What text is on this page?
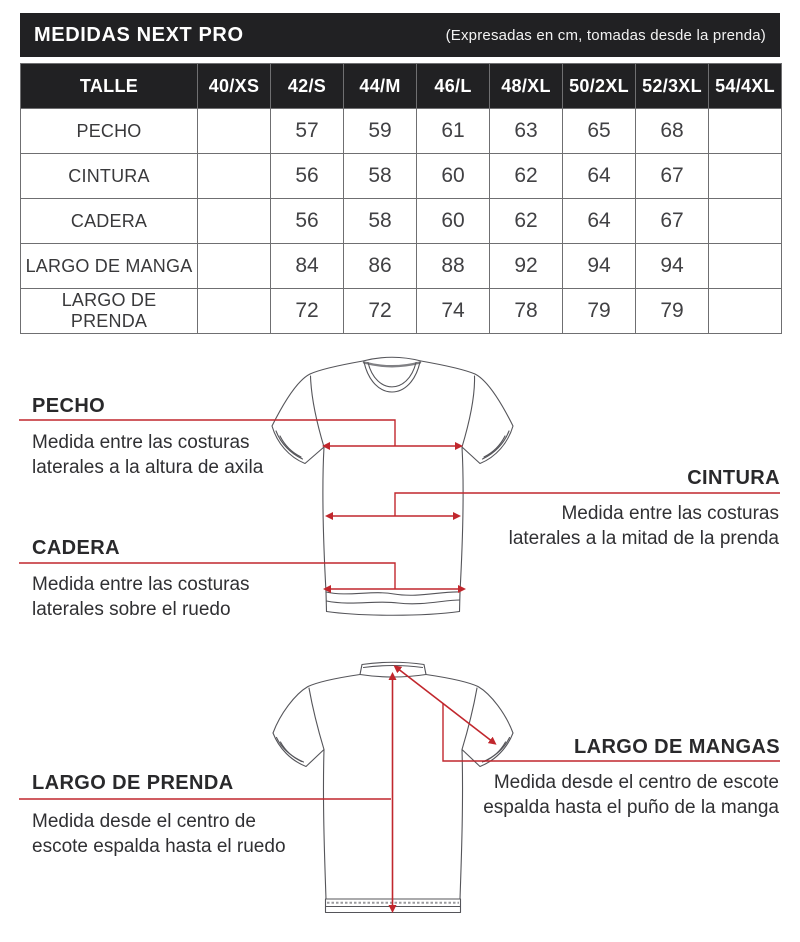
MEDIDAS NEXT PRO	(Expresadas en cm, tomadas desde la prenda)
TALLE	40/XS	42/S	44/M	46/L	48/XL	50/2XL	52/3XL	54/4XL
PECHO		57	59	61	63	65	68	
CINTURA		56	58	60	62	64	67	
CADERA		56	58	60	62	64	67	
LARGO DE MANGA		84	86	88	92	94	94	
LARGO DE PRENDA		72	72	74	78	79	79	
PECHO
Medida entre las costuras
laterales a la altura de axila	CINTURA
Medida entre las costuras
laterales a la mitad de la prenda
CADERA
Medida entre las costuras
laterales sobre el ruedo
LARGO DE MANGAS
Medida desde el centro de escote
espalda hasta el puño de la manga
LARGO DE PRENDA
Medida desde el centro de
escote espalda hasta el ruedo
